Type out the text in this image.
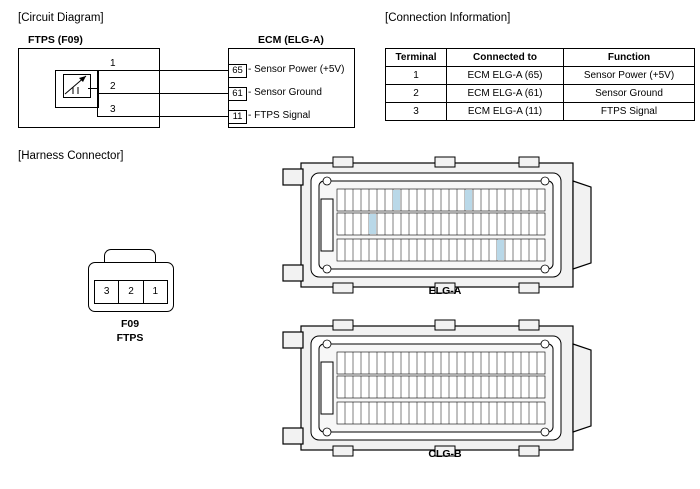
[Circuit Diagram]
FTPS (F09)	ECM (ELG-A)
1
2
3
65 - Sensor Power (+5V)
61 - Sensor Ground
11 - FTPS Signal
[Connection Information]
Terminal	Connected to	Function
1	ECM ELG-A (65)	Sensor Power (+5V)
2	ECM ELG-A (61)	Sensor Ground
3	ECM ELG-A (11)	FTPS Signal
[Harness Connector]
3	2	1
F09
FTPS
ELG-A
CLG-B
